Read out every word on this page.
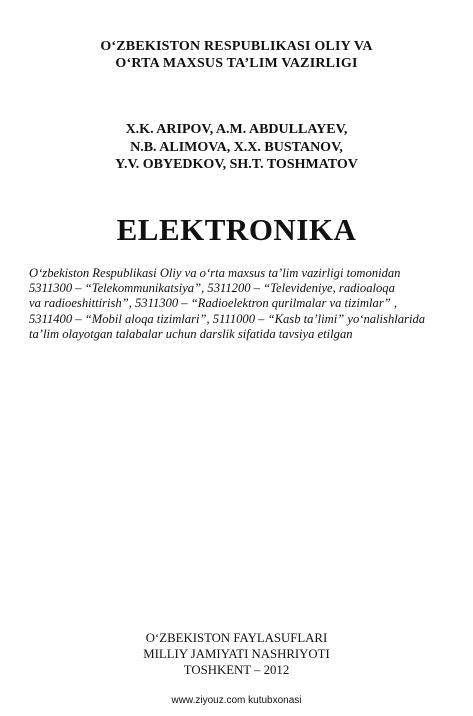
O‘ZBEKISTON RESPUBLIKASI OLIY VA
O‘RTA MAXSUS TA’LIM VAZIRLIGI
X.K. ARIPOV, A.M. ABDULLAYEV,
N.B. ALIMOVA, X.X. BUSTANOV,
Y.V. OBYEDKOV, SH.T. TOSHMATOV
ELEKTRONIKA
O‘zbekiston Respublikasi Oliy va o‘rta maxsus ta’lim vazirligi tomonidan
5311300 – “Telekommunikatsiya”, 5311200 – “Televideniye, radioaloqa
va radioeshittirish”, 5311300 – “Radioelektron qurilmalar va tizimlar” ,
5311400 – “Mobil aloqa tizimlari”, 5111000 – “Kasb ta’limi” yo‘nalishlarida
ta’lim olayotgan talabalar uchun darslik sifatida tavsiya etilgan
O‘ZBEKISTON FAYLASUFLARI
MILLIY JAMIYATI NASHRIYOTI
TOSHKENT – 2012
www.ziyouz.com kutubxonasi
